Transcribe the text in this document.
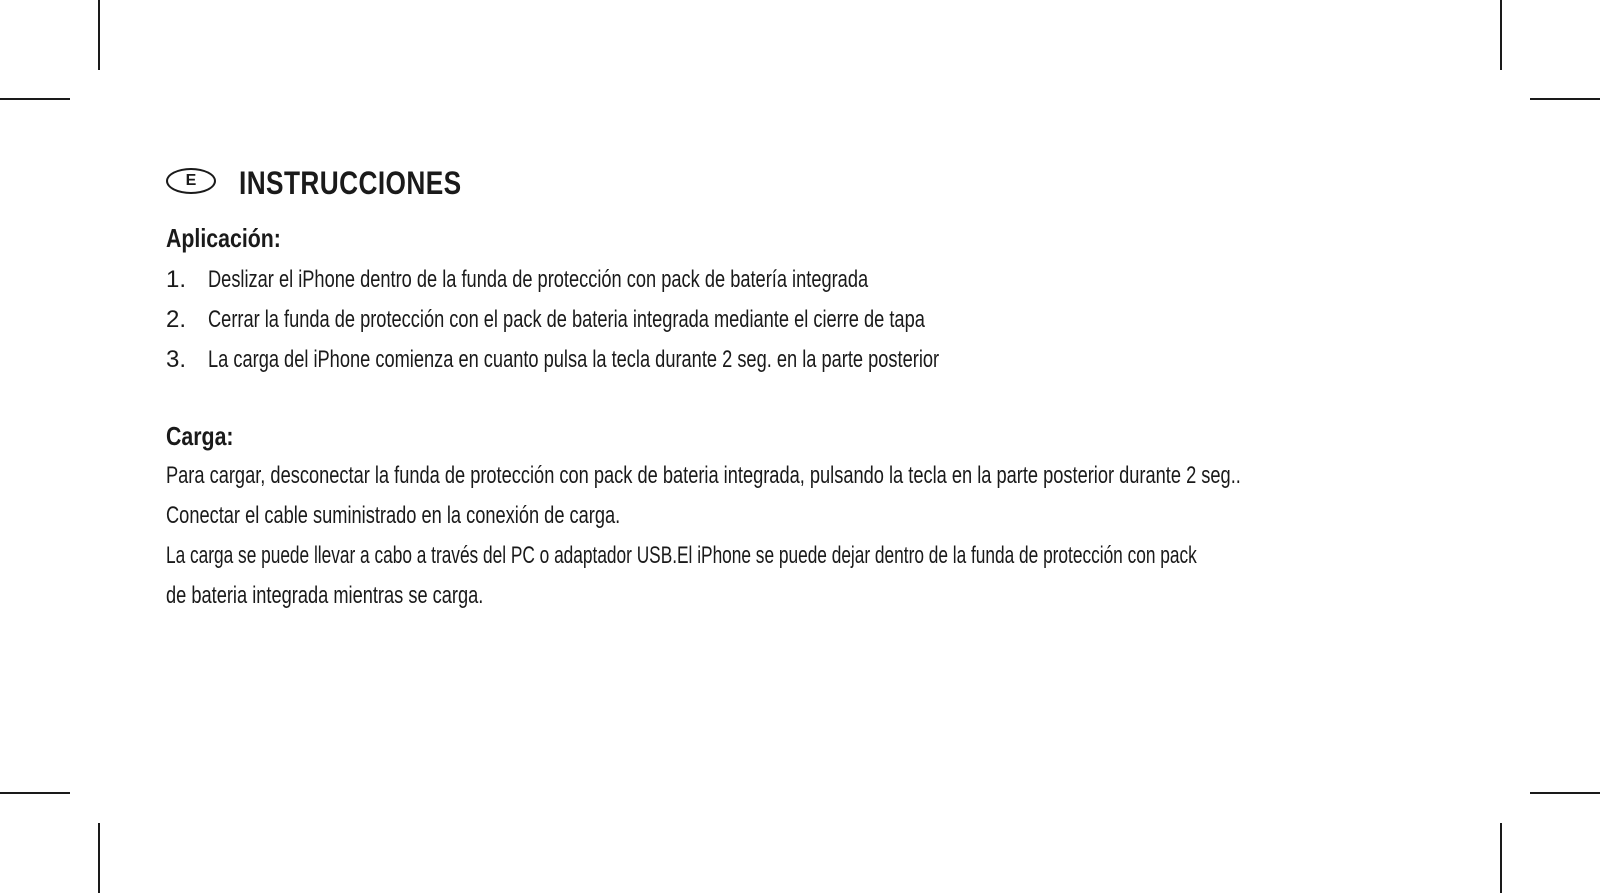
E	INSTRUCCIONES
Aplicación:
1. Deslizar el iPhone dentro de la funda de protección con pack de batería integrada
2. Cerrar la funda de protección con el pack de bateria integrada mediante el cierre de tapa
3. La carga del iPhone comienza en cuanto pulsa la tecla durante 2 seg. en la parte posterior
Carga:
Para cargar, desconectar la funda de protección con pack de bateria integrada, pulsando la tecla en la parte posterior durante 2 seg..
Conectar el cable suministrado en la conexión de carga.
La carga se puede llevar a cabo a través del PC o adaptador USB.El iPhone se puede dejar dentro de la funda de protección con pack
de bateria integrada mientras se carga.
